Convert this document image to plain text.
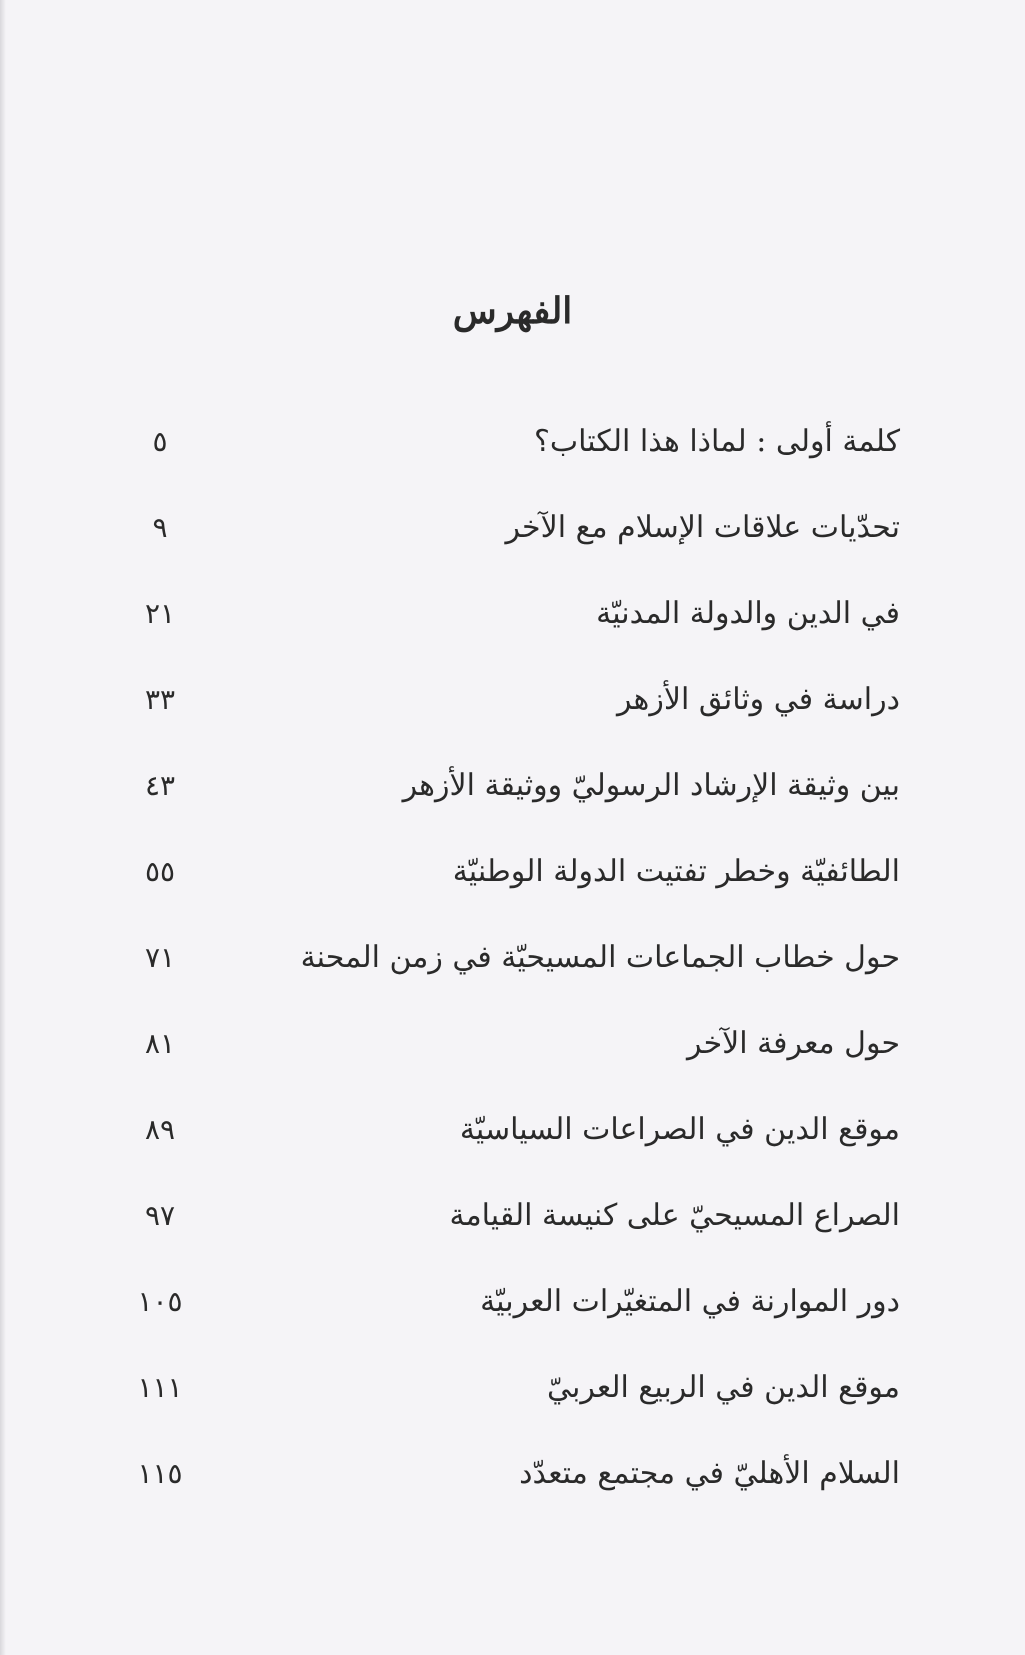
الفهرس
كلمة أولى : لماذا هذا الكتاب؟
٥
تحدّيات علاقات الإسلام مع الآخر
٩
في الدين والدولة المدنيّة
٢١
دراسة في وثائق الأزهر
٣٣
بين وثيقة الإرشاد الرسوليّ ووثيقة الأزهر
٤٣
الطائفيّة وخطر تفتيت الدولة الوطنيّة
٥٥
حول خطاب الجماعات المسيحيّة في زمن المحنة
٧١
حول معرفة الآخر
٨١
موقع الدين في الصراعات السياسيّة
٨٩
الصراع المسيحيّ على كنيسة القيامة
٩٧
دور الموارنة في المتغيّرات العربيّة
١٠٥
موقع الدين في الربيع العربيّ
١١١
السلام الأهليّ في مجتمع متعدّد
١١٥
